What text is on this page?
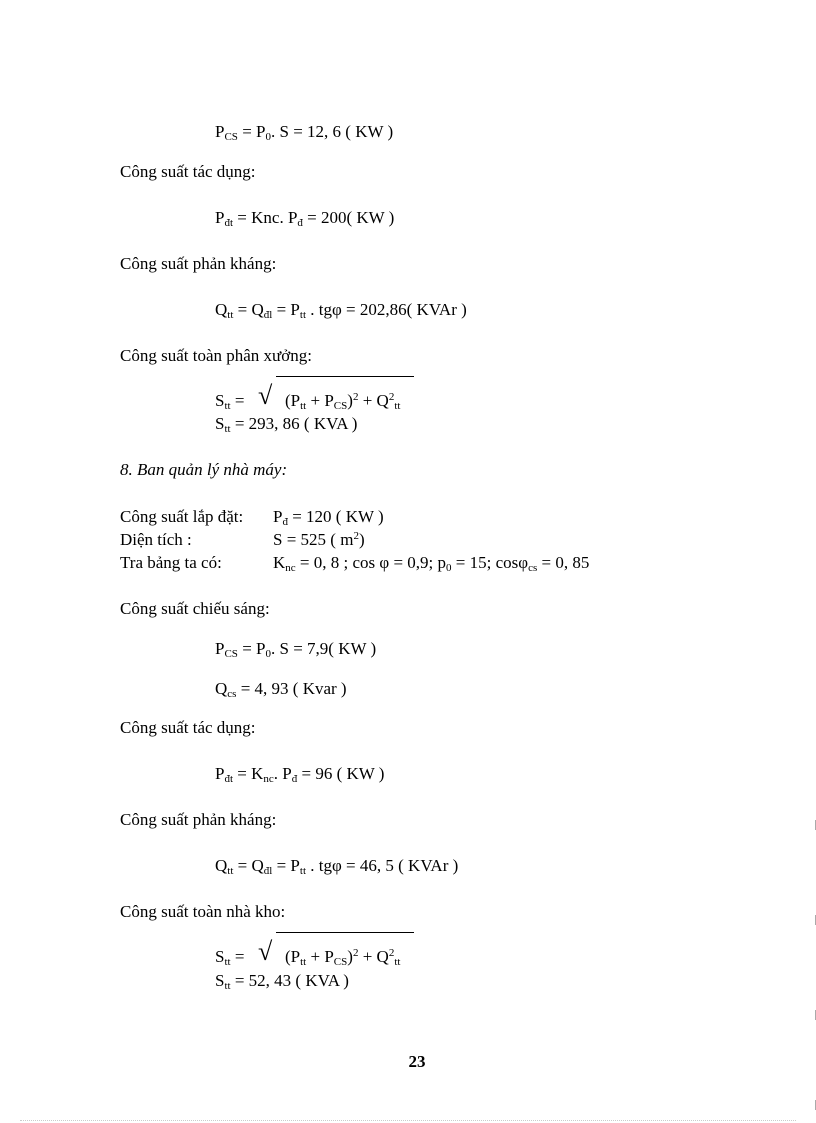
$P_{CS} = P_0$. S = 12, 6 ( KW )
Công suất tác dụng:
$P_{đt}$ = Knc. $P_đ = 200$( KW )
Công suất phản kháng:
$Q_{tt} = Q_{đl} = P_{tt}$ . tgφ = 202,86( KVAr )
Công suất toàn phân xưởng:
$S_{tt}$ = √ $(P_{tt} + P_{CS})^2 + Q^2_{tt}$
$S_{tt} = 293$, 86 ( KVA )
8. Ban quản lý nhà máy:
Công suất lắp đặt: $P_đ = 120$ ( KW )
Diện tích :	S = 525 ( $m^2$)
Tra bảng ta có:	$K_{nc} = 0$, 8 ; cos φ = 0,9; $p_0 = 15$; cosφ$_{cs}$ = 0, 85
Công suất chiếu sáng:
$P_{CS} = P_0$. S = 7,9( KW )
$Q_{cs} = 4$, 93 ( Kvar )
Công suất tác dụng:
$P_{đt} = K_{nc}$. $P_đ = 96$ ( KW )
Công suất phản kháng:
$Q_{tt} = Q_{đl} = P_{tt}$ . tgφ = 46, 5 ( KVAr )
Công suất toàn nhà kho:
$S_{tt}$ = √ $(P_{tt} + P_{CS})^2 + Q^2_{tt}$
$S_{tt} = 52$, 43 ( KVA )
23
